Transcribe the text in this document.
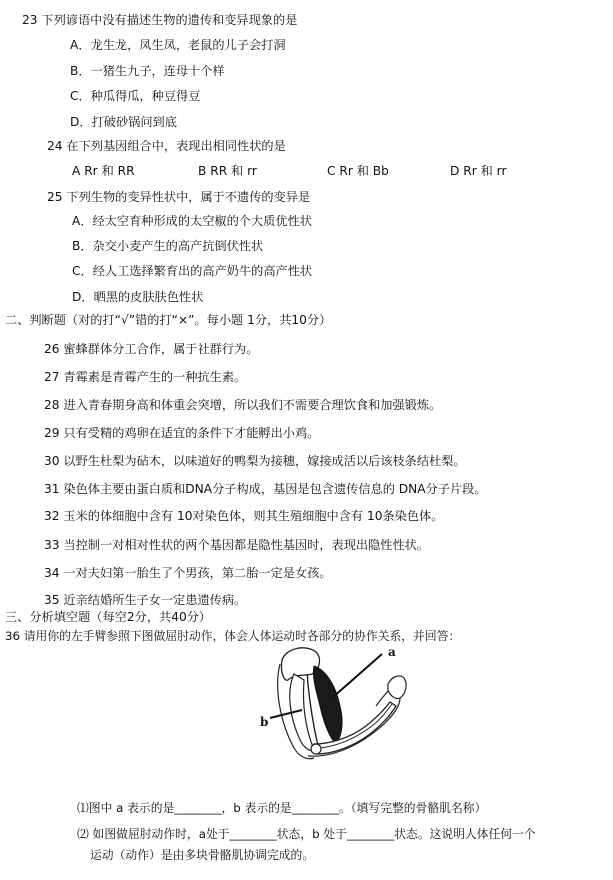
23 下列谚语中没有描述生物的遗传和变异现象的是
A．龙生龙，凤生凤，老鼠的儿子会打洞
B．一猪生九子，连母十个样
C．种瓜得瓜，种豆得豆
D．打破砂锅问到底
24 在下列基因组合中，表现出相同性状的是
A Rr 和 RR	B RR 和 rr	C Rr 和 Bb	D Rr 和 rr
25 下列生物的变异性状中，属于不遗传的变异是
A．经太空育种形成的太空椒的个大质优性状
B．杂交小麦产生的高产抗倒伏性状
C．经人工选择繁育出的高产奶牛的高产性状
D．晒黑的皮肤肤色性状
二、判断题（对的打“√”错的打“×”。每小题 1分，共10分）
26 蜜蜂群体分工合作，属于社群行为。
27 青霉素是青霉产生的一种抗生素。
28 进入青春期身高和体重会突增，所以我们不需要合理饮食和加强锻炼。
29 只有受精的鸡卵在适宜的条件下才能孵出小鸡。
30 以野生杜梨为砧木，以味道好的鸭梨为接穗，嫁接成活以后该枝条结杜梨。
31 染色体主要由蛋白质和DNA分子构成，基因是包含遗传信息的 DNA分子片段。
32 玉米的体细胞中含有 10对染色体，则其生殖细胞中含有 10条染色体。
33 当控制一对相对性状的两个基因都是隐性基因时，表现出隐性性状。
34 一对夫妇第一胎生了个男孩，第二胎一定是女孩。
35 近亲结婚所生子女一定患遗传病。
三、分析填空题（每空2分，共40分）
36 请用你的左手臂参照下图做屈肘动作，体会人体运动时各部分的协作关系，并回答：
a
b
⑴图中 a 表示的是________，b 表示的是________。（填写完整的骨骼肌名称）
⑵ 如图做屈肘动作时，a处于________状态，b 处于________状态。这说明人体任何一个
运动（动作）是由多块骨骼肌协调完成的。
